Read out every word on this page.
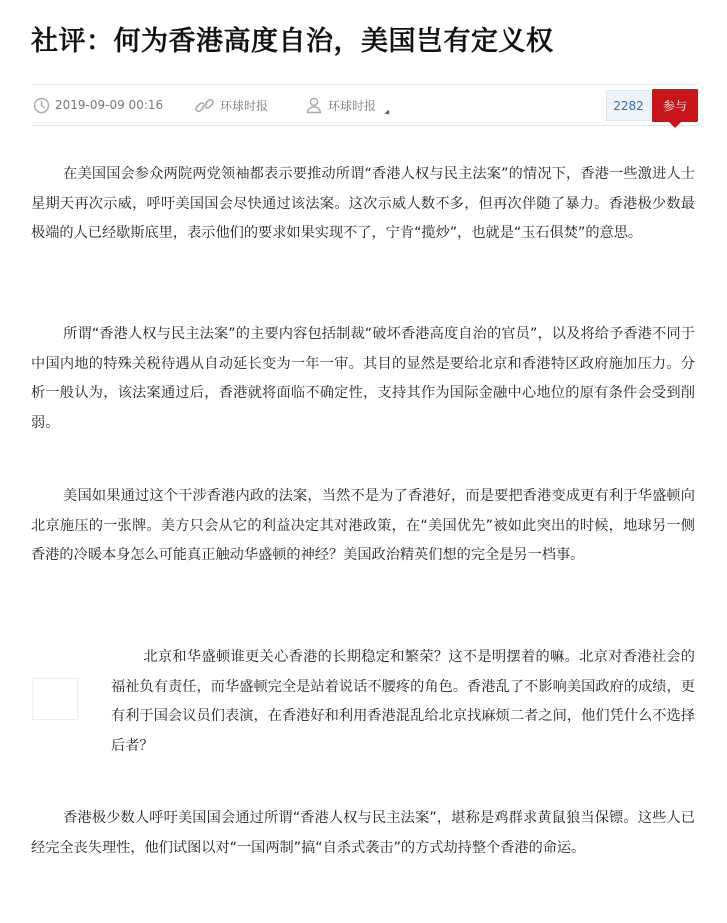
社评：何为香港高度自治，美国岂有定义权
2019-09-09 00:16	环球时报	环球时报	2282	参与

在美国国会参众两院两党领袖都表示要推动所谓“香港人权与民主法案”的情况下，香港一些激进人士星期天再次示威，呼吁美国国会尽快通过该法案。这次示威人数不多，但再次伴随了暴力。香港极少数最极端的人已经歇斯底里，表示他们的要求如果实现不了，宁肯“揽炒”，也就是“玉石俱焚”的意思。

所谓“香港人权与民主法案”的主要内容包括制裁“破坏香港高度自治的官员”，以及将给予香港不同于中国内地的特殊关税待遇从自动延长变为一年一审。其目的显然是要给北京和香港特区政府施加压力。分析一般认为，该法案通过后，香港就将面临不确定性，支持其作为国际金融中心地位的原有条件会受到削弱。

美国如果通过这个干涉香港内政的法案，当然不是为了香港好，而是要把香港变成更有利于华盛顿向北京施压的一张牌。美方只会从它的利益决定其对港政策，在“美国优先”被如此突出的时候，地球另一侧香港的冷暖本身怎么可能真正触动华盛顿的神经？美国政治精英们想的完全是另一档事。

北京和华盛顿谁更关心香港的长期稳定和繁荣？这不是明摆着的嘛。北京对香港社会的福祉负有责任，而华盛顿完全是站着说话不腰疼的角色。香港乱了不影响美国政府的成绩，更有利于国会议员们表演，在香港好和利用香港混乱给北京找麻烦二者之间，他们凭什么不选择后者？

香港极少数人呼吁美国国会通过所谓“香港人权与民主法案”，堪称是鸡群求黄鼠狼当保镖。这些人已经完全丧失理性，他们试图以对“一国两制”搞“自杀式袭击”的方式劫持整个香港的命运。
